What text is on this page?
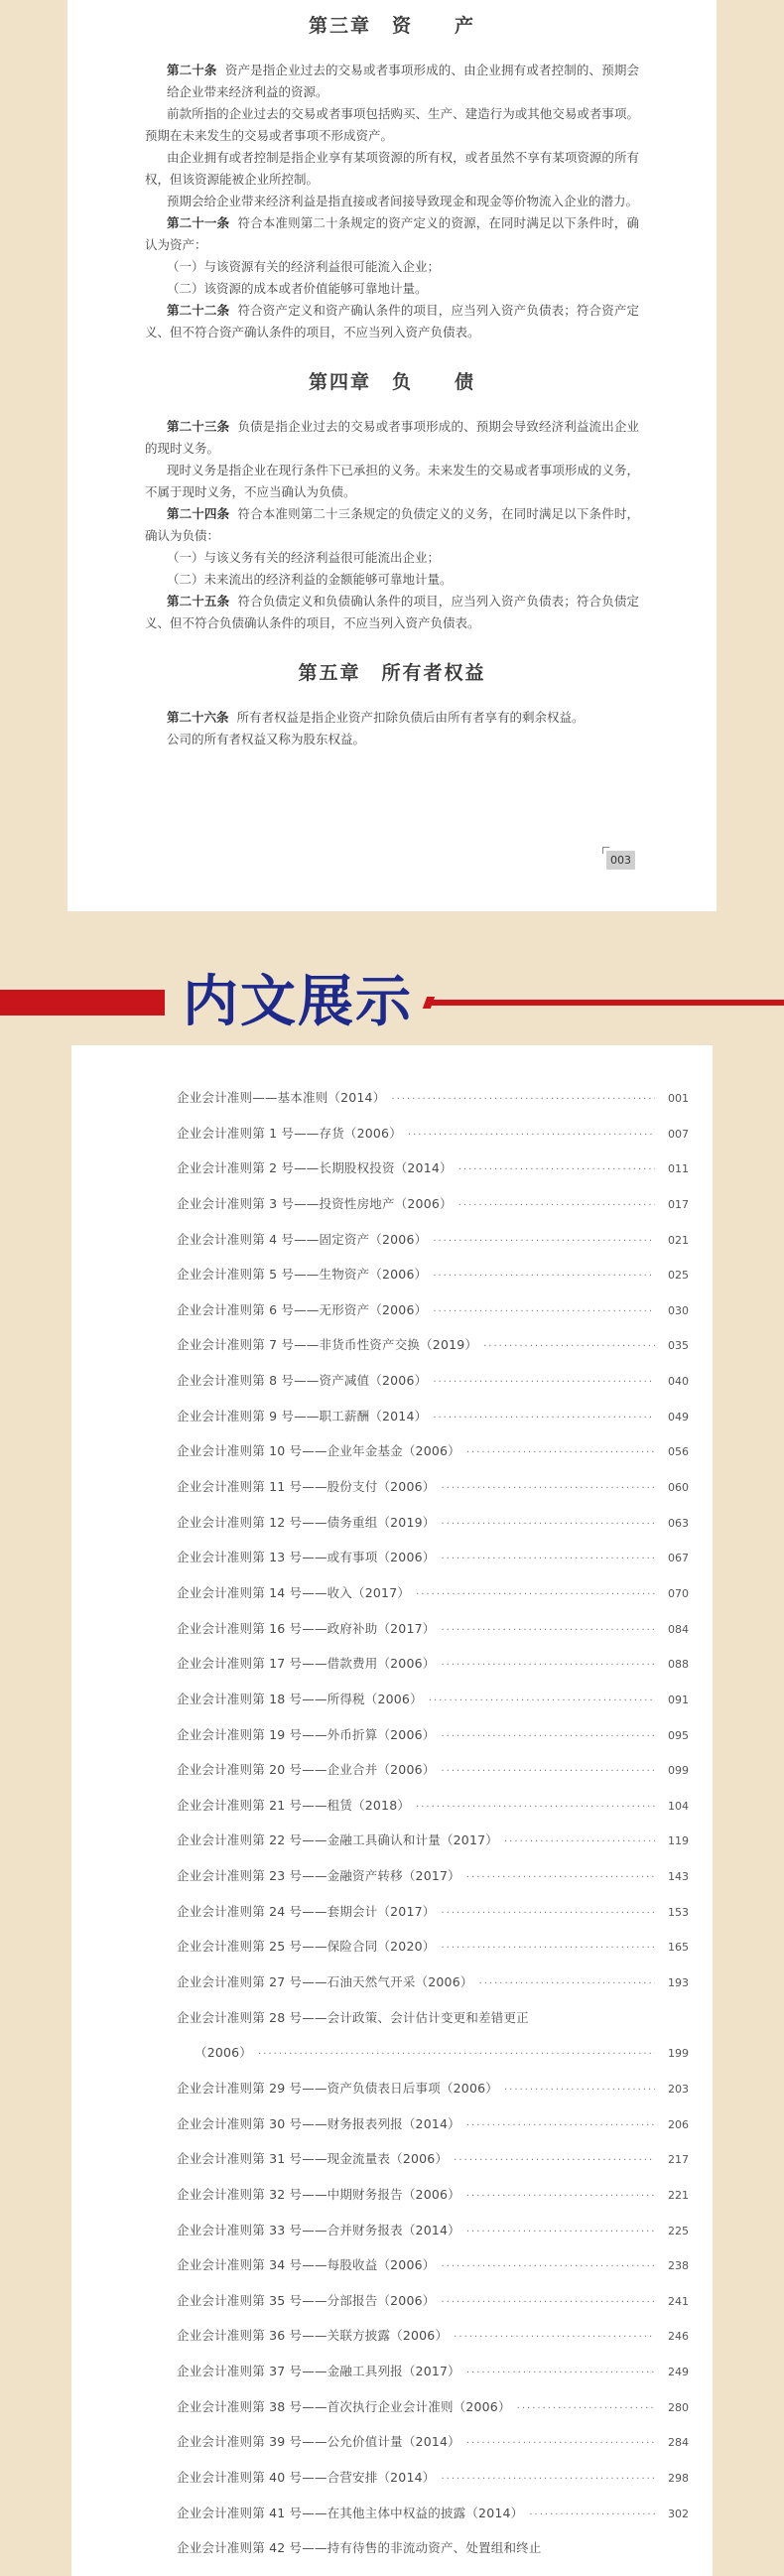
第三章　资　　产

第二十条 资产是指企业过去的交易或者事项形成的、由企业拥有或者控制的、预期会给企业带来经济利益的资源。

前款所指的企业过去的交易或者事项包括购买、生产、建造行为或其他交易或者事项。预期在未来发生的交易或者事项不形成资产。

由企业拥有或者控制是指企业享有某项资源的所有权，或者虽然不享有某项资源的所有权，但该资源能被企业所控制。

预期会给企业带来经济利益是指直接或者间接导致现金和现金等价物流入企业的潜力。

第二十一条 符合本准则第二十条规定的资产定义的资源，在同时满足以下条件时，确认为资产：

（一）与该资源有关的经济利益很可能流入企业；

（二）该资源的成本或者价值能够可靠地计量。

第二十二条 符合资产定义和资产确认条件的项目，应当列入资产负债表；符合资产定义、但不符合资产确认条件的项目，不应当列入资产负债表。

第四章　负　　债

第二十三条 负债是指企业过去的交易或者事项形成的、预期会导致经济利益流出企业的现时义务。

现时义务是指企业在现行条件下已承担的义务。未来发生的交易或者事项形成的义务，不属于现时义务，不应当确认为负债。

第二十四条 符合本准则第二十三条规定的负债定义的义务，在同时满足以下条件时，确认为负债：

（一）与该义务有关的经济利益很可能流出企业；

（二）未来流出的经济利益的金额能够可靠地计量。

第二十五条 符合负债定义和负债确认条件的项目，应当列入资产负债表；符合负债定义、但不符合负债确认条件的项目，不应当列入资产负债表。

第五章　所有者权益

第二十六条 所有者权益是指企业资产扣除负债后由所有者享有的剩余权益。

公司的所有者权益又称为股东权益。

003
内文展示
企业会计准则——基本准则（2014） ·····	001
企业会计准则第 1 号——存货（2006） ·····	007
企业会计准则第 2 号——长期股权投资（2014） ·····	011
企业会计准则第 3 号——投资性房地产（2006） ·····	017
企业会计准则第 4 号——固定资产（2006） ·····	021
企业会计准则第 5 号——生物资产（2006） ·····	025
企业会计准则第 6 号——无形资产（2006） ·····	030
企业会计准则第 7 号——非货币性资产交换（2019） ·····	035
企业会计准则第 8 号——资产减值（2006） ·····	040
企业会计准则第 9 号——职工薪酬（2014） ·····	049
企业会计准则第 10 号——企业年金基金（2006） ·····	056
企业会计准则第 11 号——股份支付（2006） ·····	060
企业会计准则第 12 号——债务重组（2019） ·····	063
企业会计准则第 13 号——或有事项（2006） ·····	067
企业会计准则第 14 号——收入（2017） ·····	070
企业会计准则第 16 号——政府补助（2017） ·····	084
企业会计准则第 17 号——借款费用（2006） ·····	088
企业会计准则第 18 号——所得税（2006） ·····	091
企业会计准则第 19 号——外币折算（2006） ·····	095
企业会计准则第 20 号——企业合并（2006） ·····	099
企业会计准则第 21 号——租赁（2018） ·····	104
企业会计准则第 22 号——金融工具确认和计量（2017） ·····	119
企业会计准则第 23 号——金融资产转移（2017） ·····	143
企业会计准则第 24 号——套期会计（2017） ·····	153
企业会计准则第 25 号——保险合同（2020） ·····	165
企业会计准则第 27 号——石油天然气开采（2006） ·····	193
企业会计准则第 28 号——会计政策、会计估计变更和差错更正
（2006） ·····	199
企业会计准则第 29 号——资产负债表日后事项（2006） ·····	203
企业会计准则第 30 号——财务报表列报（2014） ·····	206
企业会计准则第 31 号——现金流量表（2006） ·····	217
企业会计准则第 32 号——中期财务报告（2006） ·····	221
企业会计准则第 33 号——合并财务报表（2014） ·····	225
企业会计准则第 34 号——每股收益（2006） ·····	238
企业会计准则第 35 号——分部报告（2006） ·····	241
企业会计准则第 36 号——关联方披露（2006） ·····	246
企业会计准则第 37 号——金融工具列报（2017） ·····	249
企业会计准则第 38 号——首次执行企业会计准则（2006） ·····	280
企业会计准则第 39 号——公允价值计量（2014） ·····	284
企业会计准则第 40 号——合营安排（2014） ·····	298
企业会计准则第 41 号——在其他主体中权益的披露（2014） ·····	302
企业会计准则第 42 号——持有待售的非流动资产、处置组和终止
